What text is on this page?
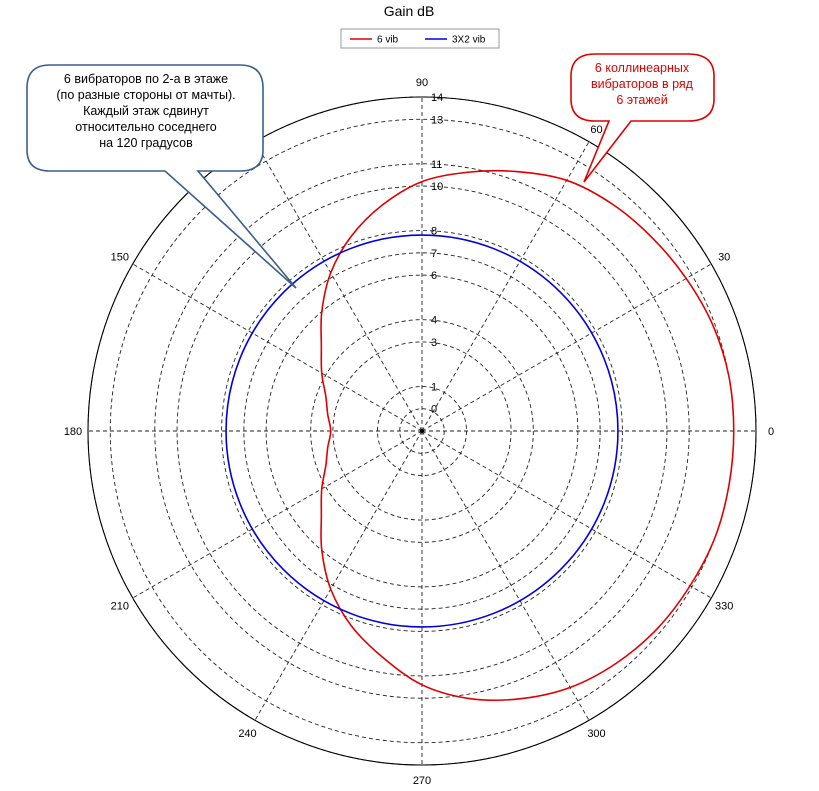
Gain dB
6 vib	3X2 vib
0
1
3
4
6
7
8
10
11
13
14
0
30
60
90
150
180
210
240
270
300
330
6 вибраторов по 2-а в этаже
(по разные стороны от мачты).
Каждый этаж сдвинут
относительно соседнего
на 120 градусов
6 коллинеарных
вибраторов в ряд
6 этажей
